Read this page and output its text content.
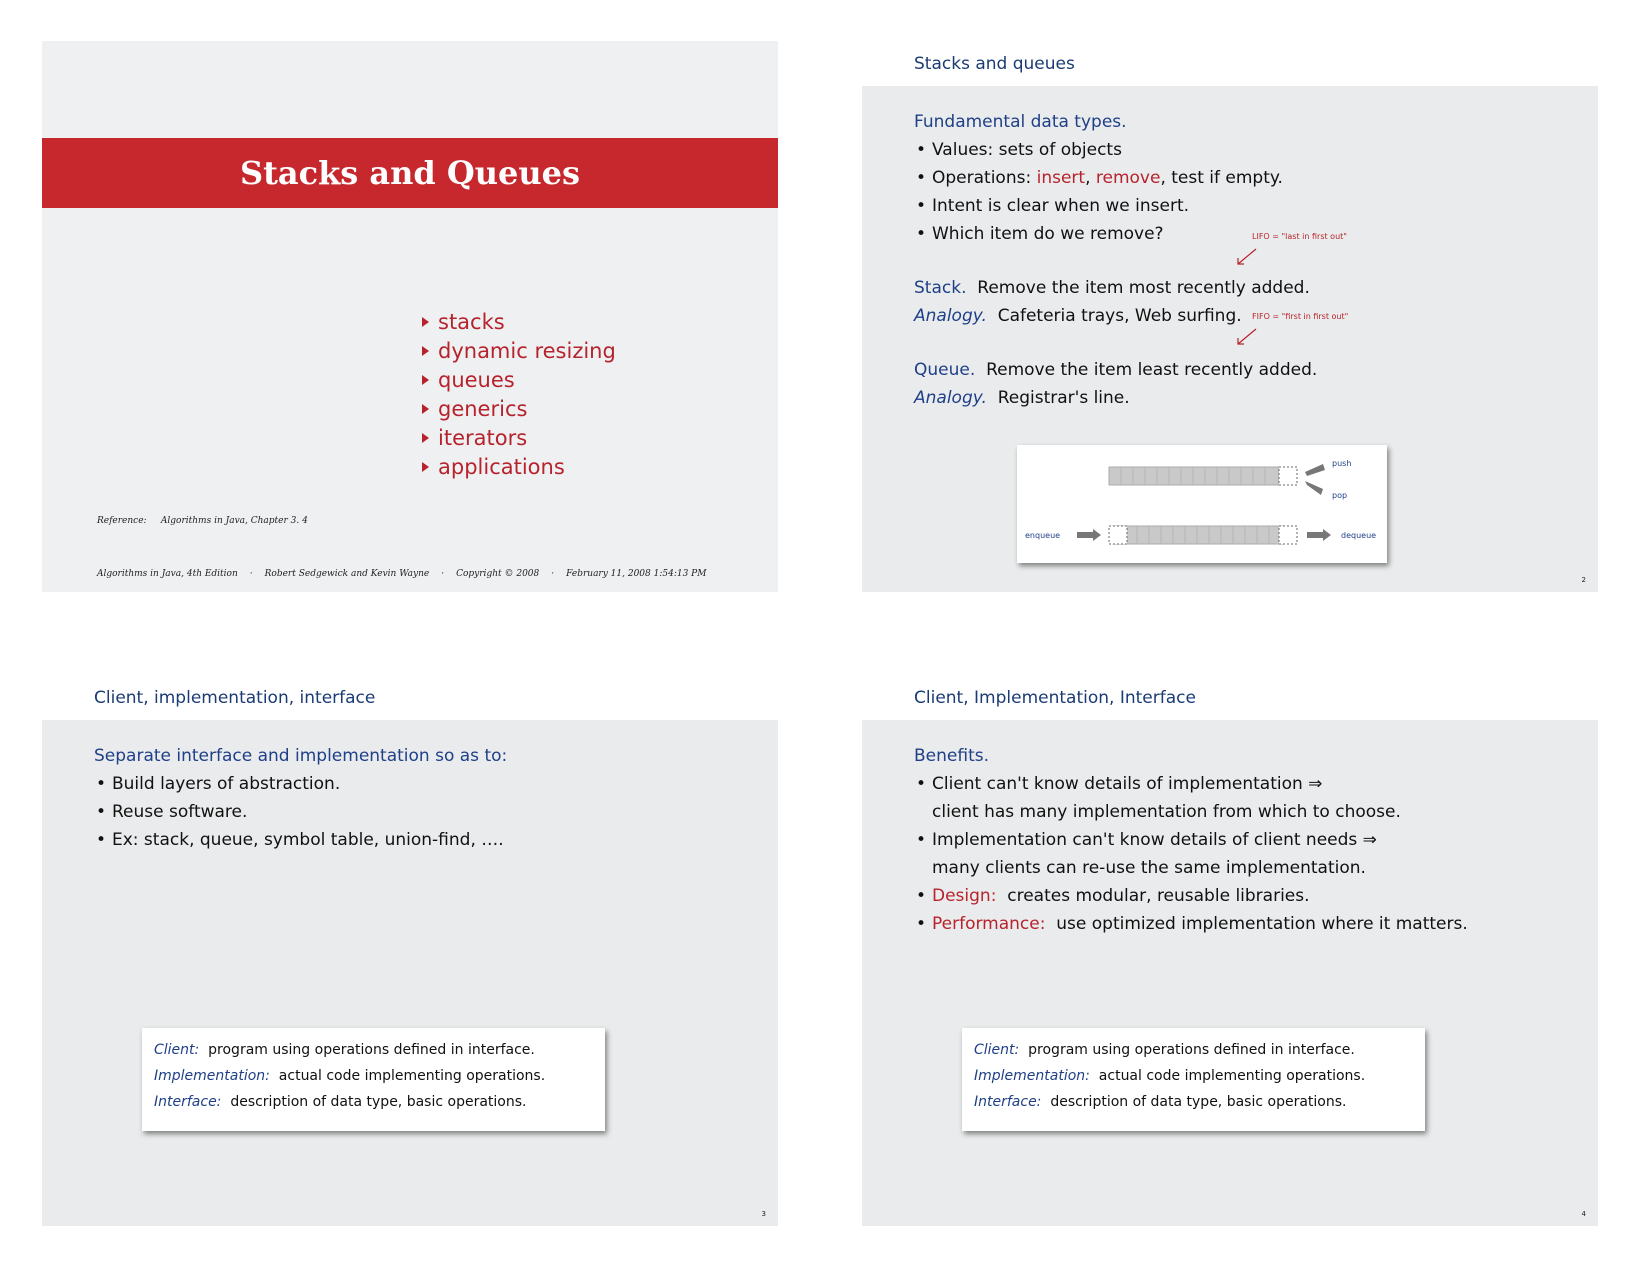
Stacks and Queues
stacks
dynamic resizing
queues
generics
iterators
applications
Reference: Algorithms in Java, Chapter 3. 4
Algorithms in Java, 4th Edition · Robert Sedgewick and Kevin Wayne · Copyright © 2008 · February 11, 2008 1:54:13 PM
Stacks and queues
Fundamental data types.
• Values: sets of objects
• Operations: insert, remove, test if empty.
• Intent is clear when we insert.
• Which item do we remove?
Stack. Remove the item most recently added.
Analogy. Cafeteria trays, Web surfing.
Queue. Remove the item least recently added.
Analogy. Registrar's line.
LIFO = "last in first out"
FIFO = "first in first out"
push
pop
enqueue	dequeue
2
Client, implementation, interface
Separate interface and implementation so as to:
• Build layers of abstraction.
• Reuse software.
• Ex: stack, queue, symbol table, union-find, ….
Client: program using operations defined in interface.
Implementation: actual code implementing operations.
Interface: description of data type, basic operations.
3
Client, Implementation, Interface
Benefits.
• Client can't know details of implementation ⇒
client has many implementation from which to choose.
• Implementation can't know details of client needs ⇒
many clients can re-use the same implementation.
• Design: creates modular, reusable libraries.
• Performance: use optimized implementation where it matters.
Client: program using operations defined in interface.
Implementation: actual code implementing operations.
Interface: description of data type, basic operations.
4
